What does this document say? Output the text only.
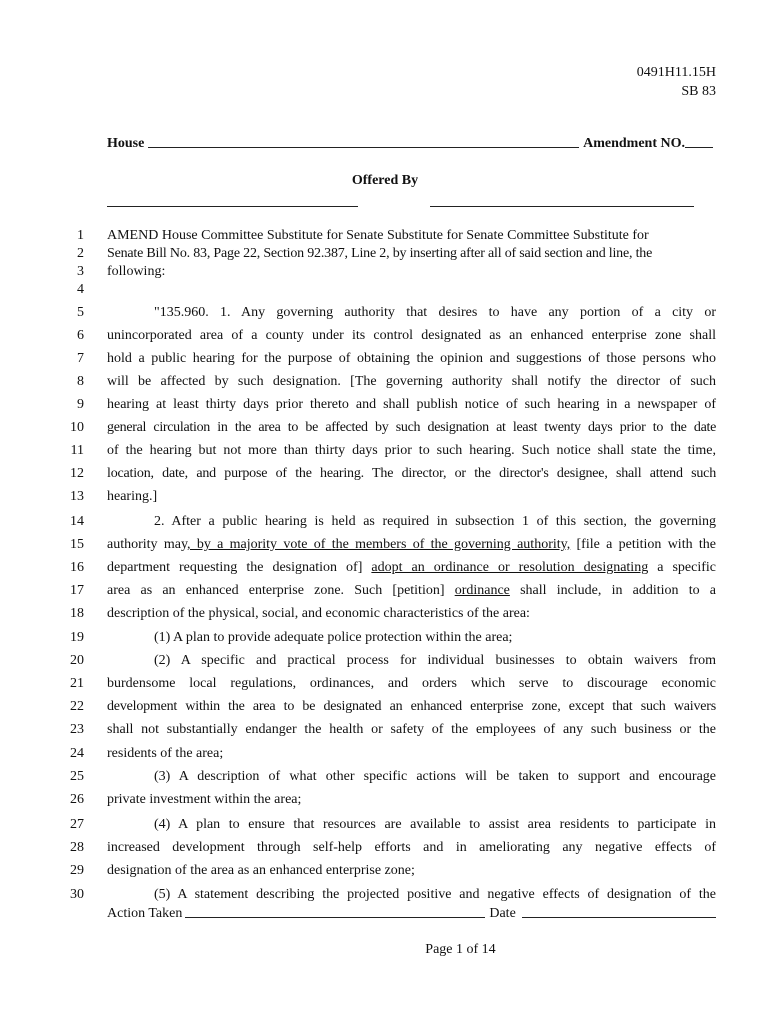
0491H11.15H
SB 83
House	Amendment NO.
Offered By
1 AMEND House Committee Substitute for Senate Substitute for Senate Committee Substitute for
2 Senate Bill No. 83, Page 22, Section 92.387, Line 2, by inserting after all of said section and line, the
3 following:
4
5	"135.960. 1. Any governing authority that desires to have any portion of a city or
6 unincorporated area of a county under its control designated as an enhanced enterprise zone shall
7 hold a public hearing for the purpose of obtaining the opinion and suggestions of those persons who
8 will be affected by such designation. [The governing authority shall notify the director of such
9 hearing at least thirty days prior thereto and shall publish notice of such hearing in a newspaper of
10 general circulation in the area to be affected by such designation at least twenty days prior to the date
11 of the hearing but not more than thirty days prior to such hearing. Such notice shall state the time,
12 location, date, and purpose of the hearing. The director, or the director's designee, shall attend such
13 hearing.]
14	2. After a public hearing is held as required in subsection 1 of this section, the governing
15 authority may, by a majority vote of the members of the governing authority, [file a petition with the
16 department requesting the designation of] adopt an ordinance or resolution designating a specific
17 area as an enhanced enterprise zone. Such [petition] ordinance shall include, in addition to a
18 description of the physical, social, and economic characteristics of the area:
19	(1) A plan to provide adequate police protection within the area;
20	(2) A specific and practical process for individual businesses to obtain waivers from
21 burdensome local regulations, ordinances, and orders which serve to discourage economic
22 development within the area to be designated an enhanced enterprise zone, except that such waivers
23 shall not substantially endanger the health or safety of the employees of any such business or the
24 residents of the area;
25	(3) A description of what other specific actions will be taken to support and encourage
26 private investment within the area;
27	(4) A plan to ensure that resources are available to assist area residents to participate in
28 increased development through self-help efforts and in ameliorating any negative effects of
29 designation of the area as an enhanced enterprise zone;
30	(5) A statement describing the projected positive and negative effects of designation of the
Action Taken	Date
Page 1 of 14
